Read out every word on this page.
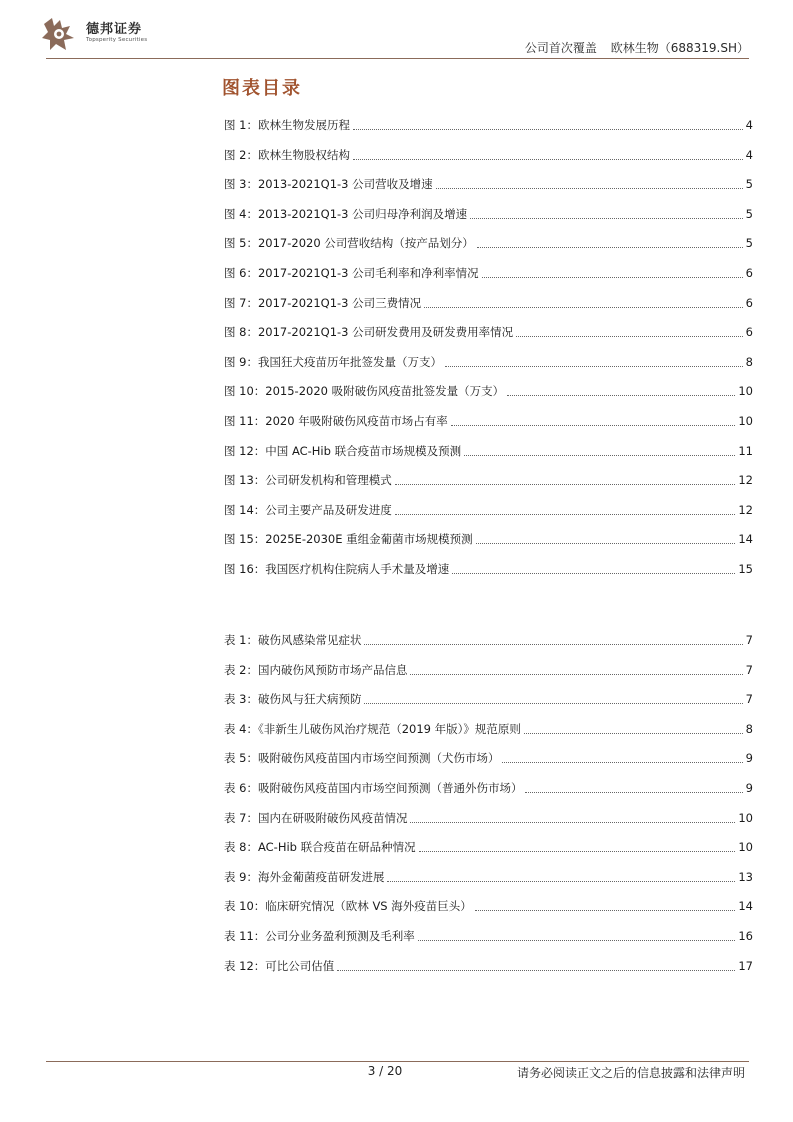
德邦证券
Topsperity Securities
公司首次覆盖 欧林生物（688319.SH）
图表目录
图 1：欧林生物发展历程	4
图 2：欧林生物股权结构	4
图 3：2013-2021Q1-3 公司营收及增速	5
图 4：2013-2021Q1-3 公司归母净利润及增速	5
图 5：2017-2020 公司营收结构（按产品划分）	5
图 6：2017-2021Q1-3 公司毛利率和净利率情况	6
图 7：2017-2021Q1-3 公司三费情况	6
图 8：2017-2021Q1-3 公司研发费用及研发费用率情况	6
图 9：我国狂犬疫苗历年批签发量（万支）	8
图 10：2015-2020 吸附破伤风疫苗批签发量（万支）	10
图 11：2020 年吸附破伤风疫苗市场占有率	10
图 12：中国 AC-Hib 联合疫苗市场规模及预测	11
图 13：公司研发机构和管理模式	12
图 14：公司主要产品及研发进度	12
图 15：2025E-2030E 重组金葡菌市场规模预测	14
图 16：我国医疗机构住院病人手术量及增速	15
表 1：破伤风感染常见症状	7
表 2：国内破伤风预防市场产品信息	7
表 3：破伤风与狂犬病预防	7
表 4：《非新生儿破伤风治疗规范（2019 年版）》规范原则	8
表 5：吸附破伤风疫苗国内市场空间预测（犬伤市场）	9
表 6：吸附破伤风疫苗国内市场空间预测（普通外伤市场）	9
表 7：国内在研吸附破伤风疫苗情况	10
表 8：AC-Hib 联合疫苗在研品种情况	10
表 9：海外金葡菌疫苗研发进展	13
表 10：临床研究情况（欧林 VS 海外疫苗巨头）	14
表 11：公司分业务盈利预测及毛利率	16
表 12：可比公司估值	17
3 / 20	请务必阅读正文之后的信息披露和法律声明
